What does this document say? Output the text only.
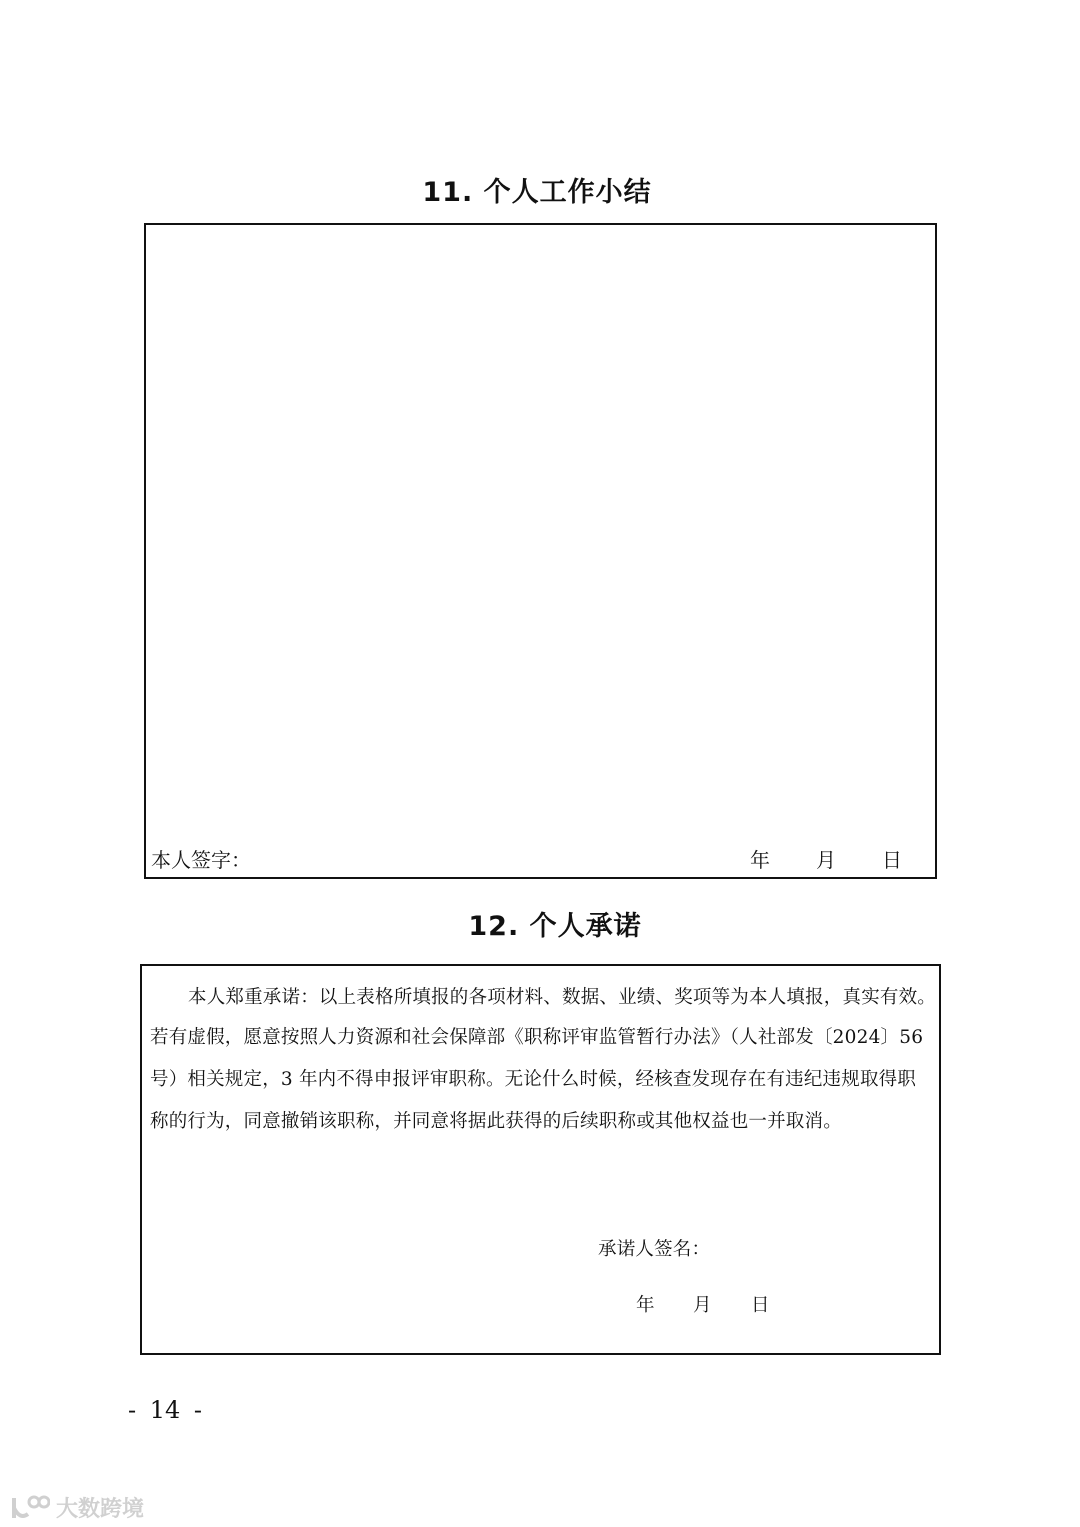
11. 个人工作小结
本人签字：	年 月 日
12. 个人承诺
本人郑重承诺：以上表格所填报的各项材料、数据、业绩、奖项等为本人填报，真实有效。
若有虚假，愿意按照人力资源和社会保障部《职称评审监管暂行办法》（人社部发〔2024〕56
号）相关规定，3 年内不得申报评审职称。无论什么时候，经核查发现存在有违纪违规取得职
称的行为，同意撤销该职称，并同意将据此获得的后续职称或其他权益也一并取消。
承诺人签名：
年 月 日
- 14 -
大数跨境
